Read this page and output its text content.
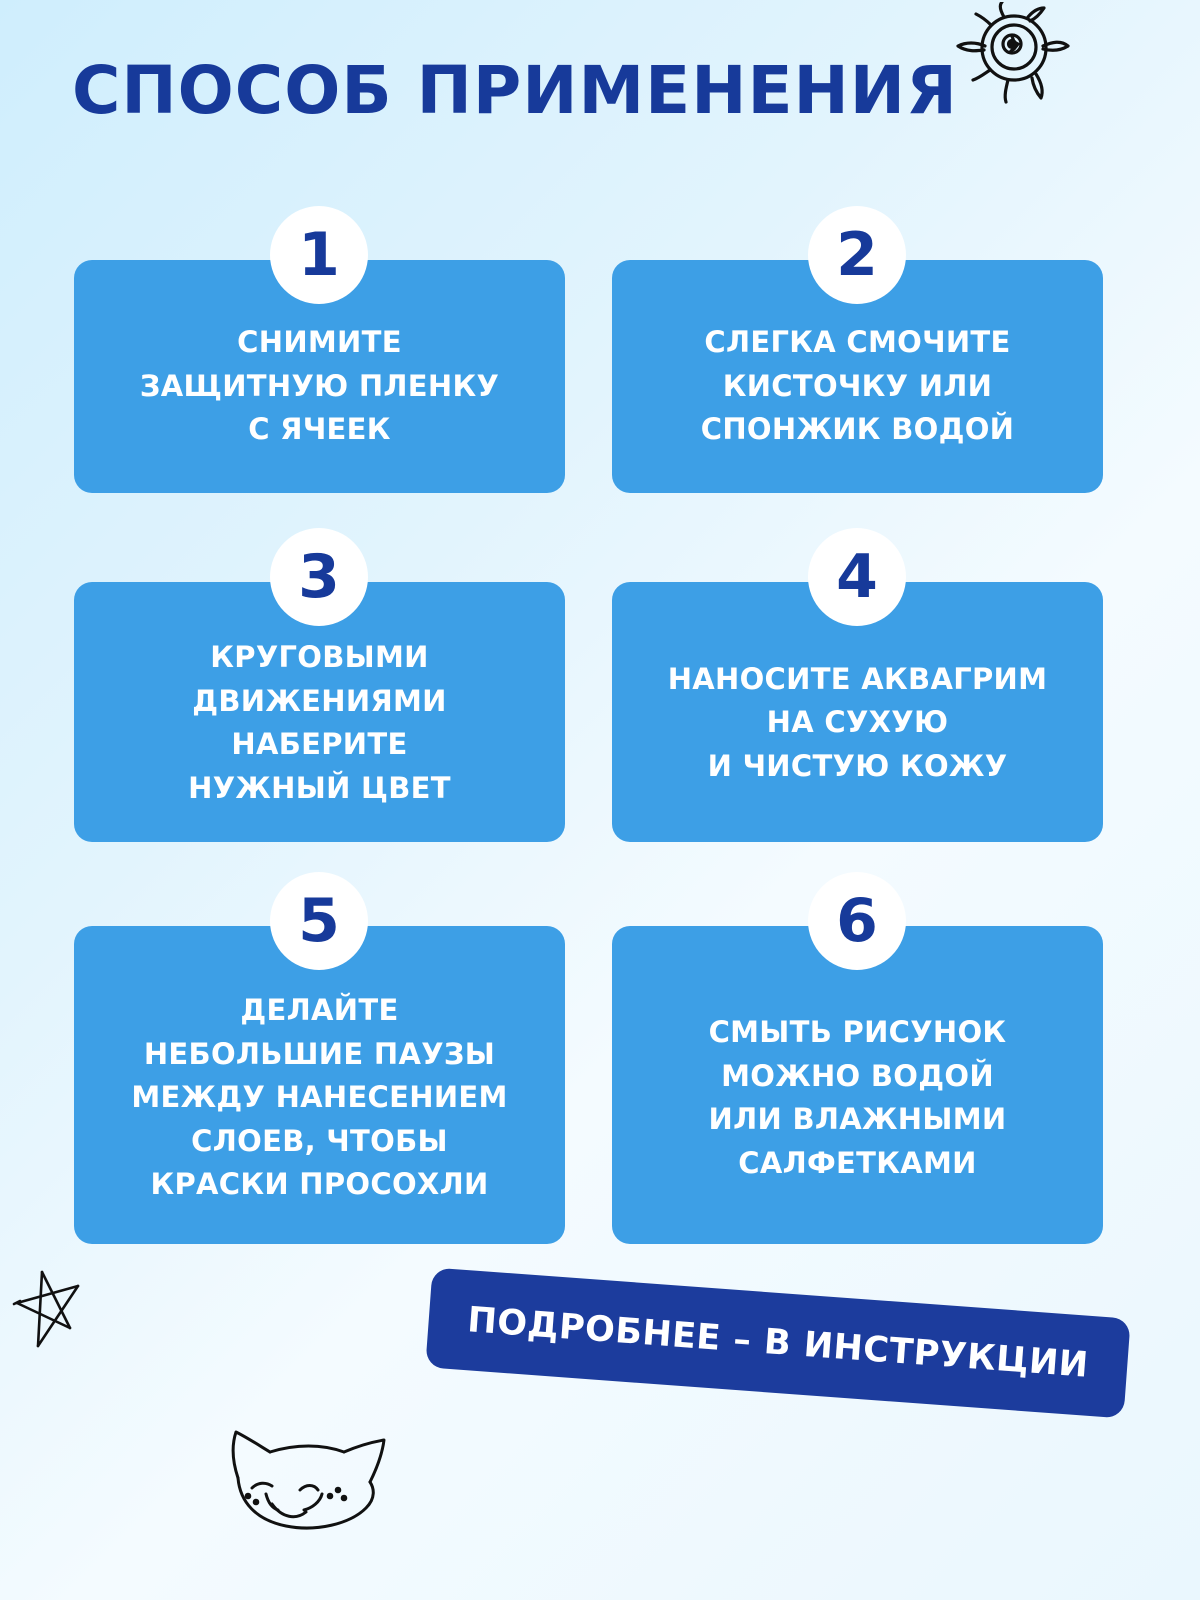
СПОСОБ ПРИМЕНЕНИЯ
СНИМИТЕ
ЗАЩИТНУЮ ПЛЕНКУ
С ЯЧЕЕК
1
СЛЕГКА СМОЧИТЕ
КИСТОЧКУ ИЛИ
СПОНЖИК ВОДОЙ
2
КРУГОВЫМИ
ДВИЖЕНИЯМИ
НАБЕРИТЕ
НУЖНЫЙ ЦВЕТ
3
НАНОСИТЕ АКВАГРИМ
НА СУХУЮ
И ЧИСТУЮ КОЖУ
4
ДЕЛАЙТЕ
НЕБОЛЬШИЕ ПАУЗЫ
МЕЖДУ НАНЕСЕНИЕМ
СЛОЕВ, ЧТОБЫ
КРАСКИ ПРОСОХЛИ
5
СМЫТЬ РИСУНОК
МОЖНО ВОДОЙ
ИЛИ ВЛАЖНЫМИ
САЛФЕТКАМИ
6
ПОДРОБНЕЕ – В ИНСТРУКЦИИ
